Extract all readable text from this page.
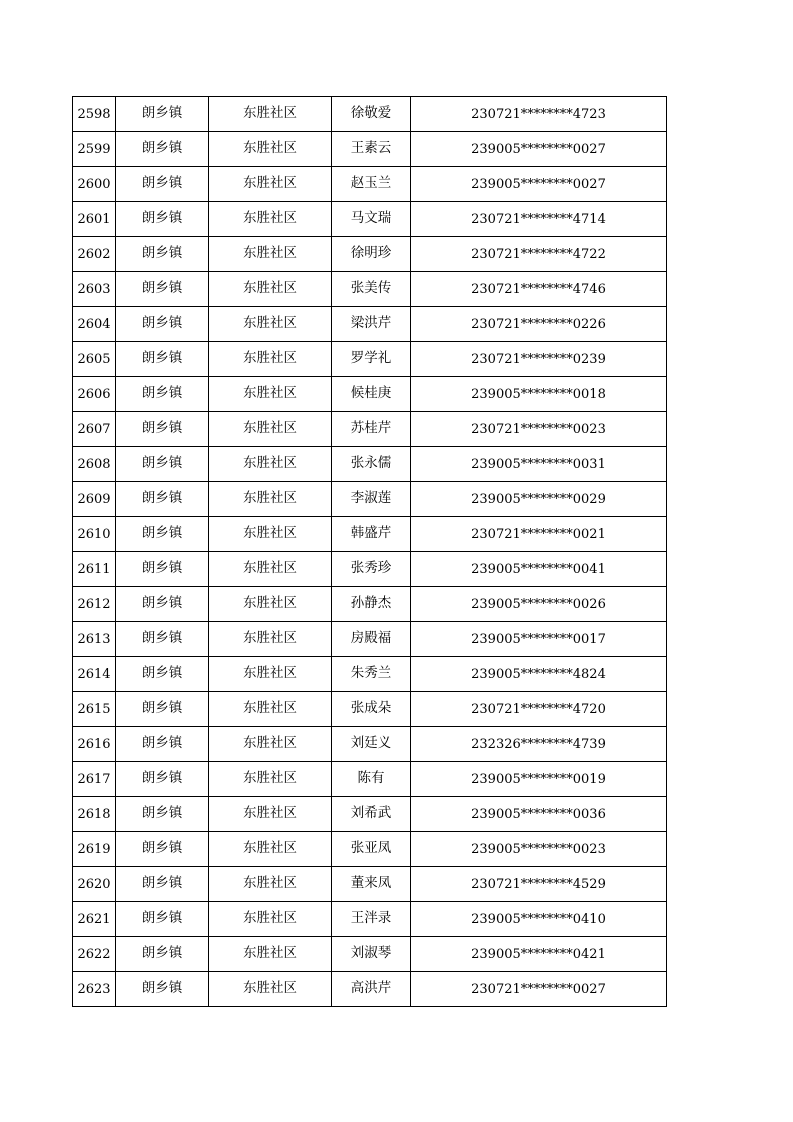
2598	朗乡镇	东胜社区	徐敬爱	230721********4723
2599	朗乡镇	东胜社区	王素云	239005********0027
2600	朗乡镇	东胜社区	赵玉兰	239005********0027
2601	朗乡镇	东胜社区	马文瑞	230721********4714
2602	朗乡镇	东胜社区	徐明珍	230721********4722
2603	朗乡镇	东胜社区	张美传	230721********4746
2604	朗乡镇	东胜社区	梁洪芹	230721********0226
2605	朗乡镇	东胜社区	罗学礼	230721********0239
2606	朗乡镇	东胜社区	候桂庚	239005********0018
2607	朗乡镇	东胜社区	苏桂芹	230721********0023
2608	朗乡镇	东胜社区	张永儒	239005********0031
2609	朗乡镇	东胜社区	李淑莲	239005********0029
2610	朗乡镇	东胜社区	韩盛芹	230721********0021
2611	朗乡镇	东胜社区	张秀珍	239005********0041
2612	朗乡镇	东胜社区	孙静杰	239005********0026
2613	朗乡镇	东胜社区	房殿福	239005********0017
2614	朗乡镇	东胜社区	朱秀兰	239005********4824
2615	朗乡镇	东胜社区	张成朵	230721********4720
2616	朗乡镇	东胜社区	刘廷义	232326********4739
2617	朗乡镇	东胜社区	陈有	239005********0019
2618	朗乡镇	东胜社区	刘希武	239005********0036
2619	朗乡镇	东胜社区	张亚凤	239005********0023
2620	朗乡镇	东胜社区	董来凤	230721********4529
2621	朗乡镇	东胜社区	王泮录	239005********0410
2622	朗乡镇	东胜社区	刘淑琴	239005********0421
2623	朗乡镇	东胜社区	高洪芹	230721********0027
